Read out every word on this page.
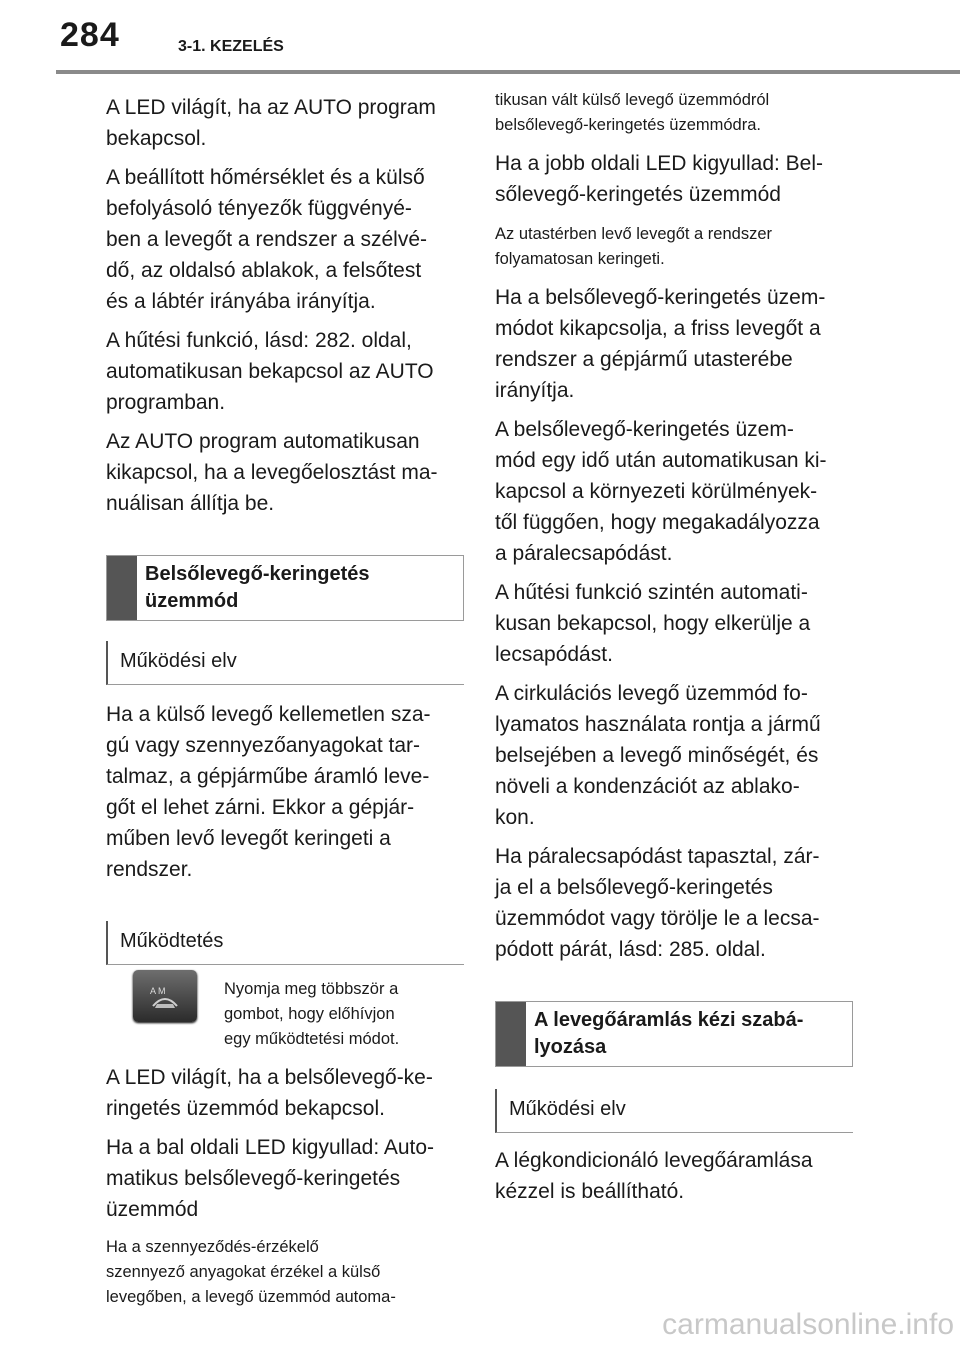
284	3-1. KEZELÉS

A LED világít, ha az AUTO program
bekapcsol.

A beállított hőmérséklet és a külső
befolyásoló tényezők függvényé-
ben a levegőt a rendszer a szélvé-
dő, az oldalsó ablakok, a felsőtest
és a lábtér irányába irányítja.

A hűtési funkció, lásd: 282. oldal,
automatikusan bekapcsol az AUTO
programban.

Az AUTO program automatikusan
kikapcsol, ha a levegőelosztást ma-
nuálisan állítja be.

Belsőlevegő-keringetés
üzemmód
Működési elv

Ha a külső levegő kellemetlen sza-
gú vagy szennyezőanyagokat tar-
talmaz, a gépjárműbe áramló leve-
gőt el lehet zárni. Ekkor a gépjár-
műben levő levegőt keringeti a
rendszer.

Működtetés

Nyomja meg többször a
gombot, hogy előhívjon
egy működtetési módot.

A LED világít, ha a belsőlevegő-ke-
ringetés üzemmód bekapcsol.

Ha a bal oldali LED kigyullad: Auto-
matikus belsőlevegő-keringetés
üzemmód

Ha a szennyeződés-érzékelő
szennyező anyagokat érzékel a külső
levegőben, a levegő üzemmód automa-

A M

tikusan vált külső levegő üzemmódról
belsőlevegő-keringetés üzemmódra.

Ha a jobb oldali LED kigyullad: Bel-
sőlevegő-keringetés üzemmód

Az utastérben levő levegőt a rendszer
folyamatosan keringeti.

Ha a belsőlevegő-keringetés üzem-
módot kikapcsolja, a friss levegőt a
rendszer a gépjármű utasterébe
irányítja.

A belsőlevegő-keringetés üzem-
mód egy idő után automatikusan ki-
kapcsol a környezeti körülmények-
től függően, hogy megakadályozza
a páralecsapódást.

A hűtési funkció szintén automati-
kusan bekapcsol, hogy elkerülje a
lecsapódást.

A cirkulációs levegő üzemmód fo-
lyamatos használata rontja a jármű
belsejében a levegő minőségét, és
növeli a kondenzációt az ablako-
kon.

Ha páralecsapódást tapasztal, zár-
ja el a belsőlevegő-keringetés
üzemmódot vagy törölje le a lecsa-
pódott párát, lásd: 285. oldal.

A levegőáramlás kézi szabá-
lyozása
Működési elv

A légkondicionáló levegőáramlása
kézzel is beállítható.

carmanualsonline.info
